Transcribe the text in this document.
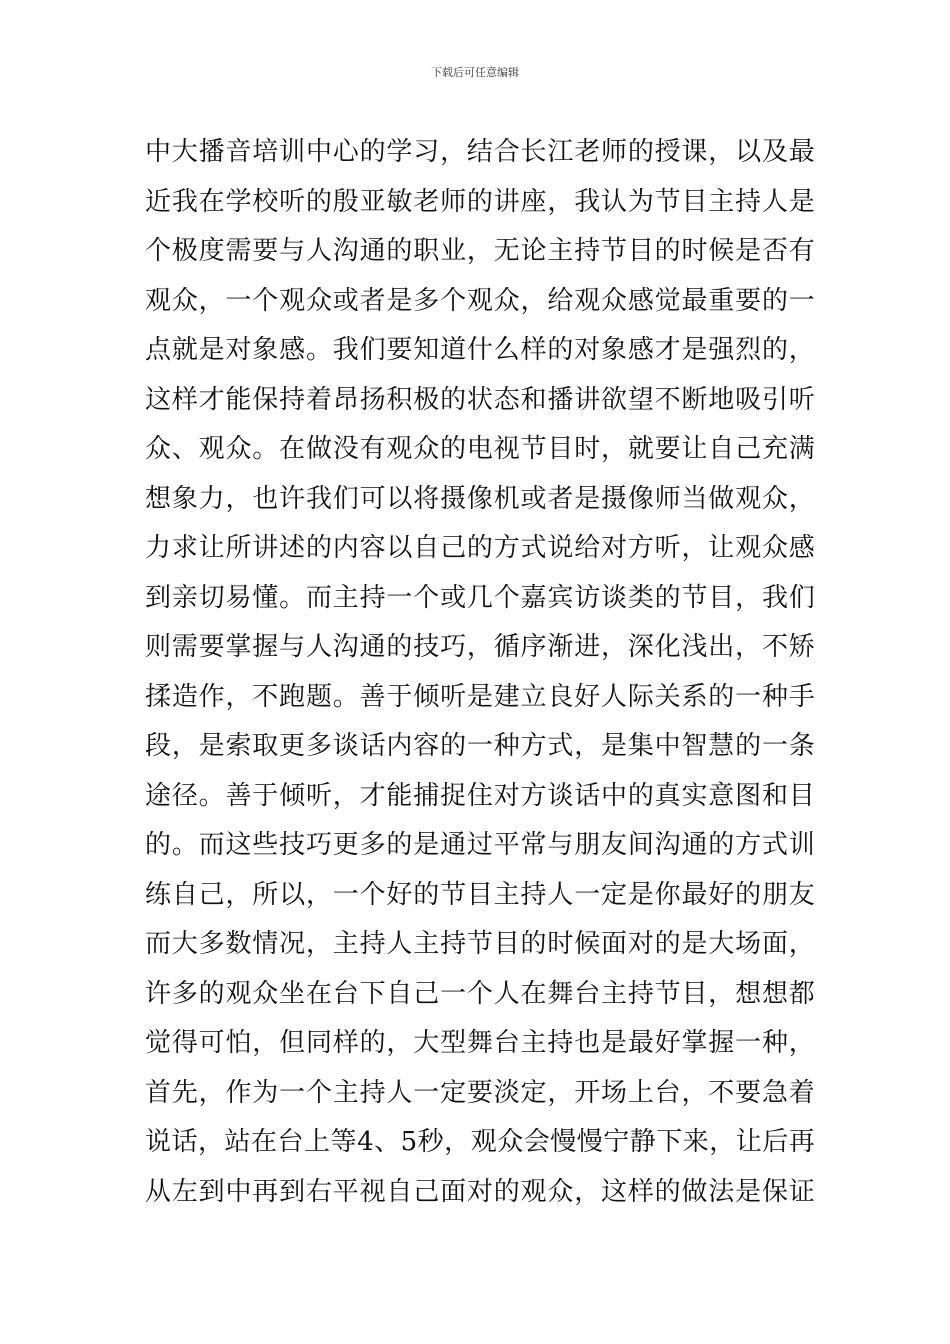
下载后可任意编辑
中大播音培训中心的学习，结合长江老师的授课，以及最
近我在学校听的殷亚敏老师的讲座，我认为节目主持人是
个极度需要与人沟通的职业，无论主持节目的时候是否有
观众，一个观众或者是多个观众，给观众感觉最重要的一
点就是对象感。我们要知道什么样的对象感才是强烈的，
这样才能保持着昂扬积极的状态和播讲欲望不断地吸引听
众、观众。在做没有观众的电视节目时，就要让自己充满
想象力，也许我们可以将摄像机或者是摄像师当做观众，
力求让所讲述的内容以自己的方式说给对方听，让观众感
到亲切易懂。而主持一个或几个嘉宾访谈类的节目，我们
则需要掌握与人沟通的技巧，循序渐进，深化浅出，不矫
揉造作，不跑题。善于倾听是建立良好人际关系的一种手
段，是索取更多谈话内容的一种方式，是集中智慧的一条
途径。善于倾听，才能捕捉住对方谈话中的真实意图和目
的。而这些技巧更多的是通过平常与朋友间沟通的方式训
练自己，所以，一个好的节目主持人一定是你最好的朋友
而大多数情况，主持人主持节目的时候面对的是大场面，
许多的观众坐在台下自己一个人在舞台主持节目，想想都
觉得可怕，但同样的，大型舞台主持也是最好掌握一种，
首先，作为一个主持人一定要淡定，开场上台，不要急着
说话，站在台上等4、5秒，观众会慢慢宁静下来，让后再
从左到中再到右平视自己面对的观众，这样的做法是保证
